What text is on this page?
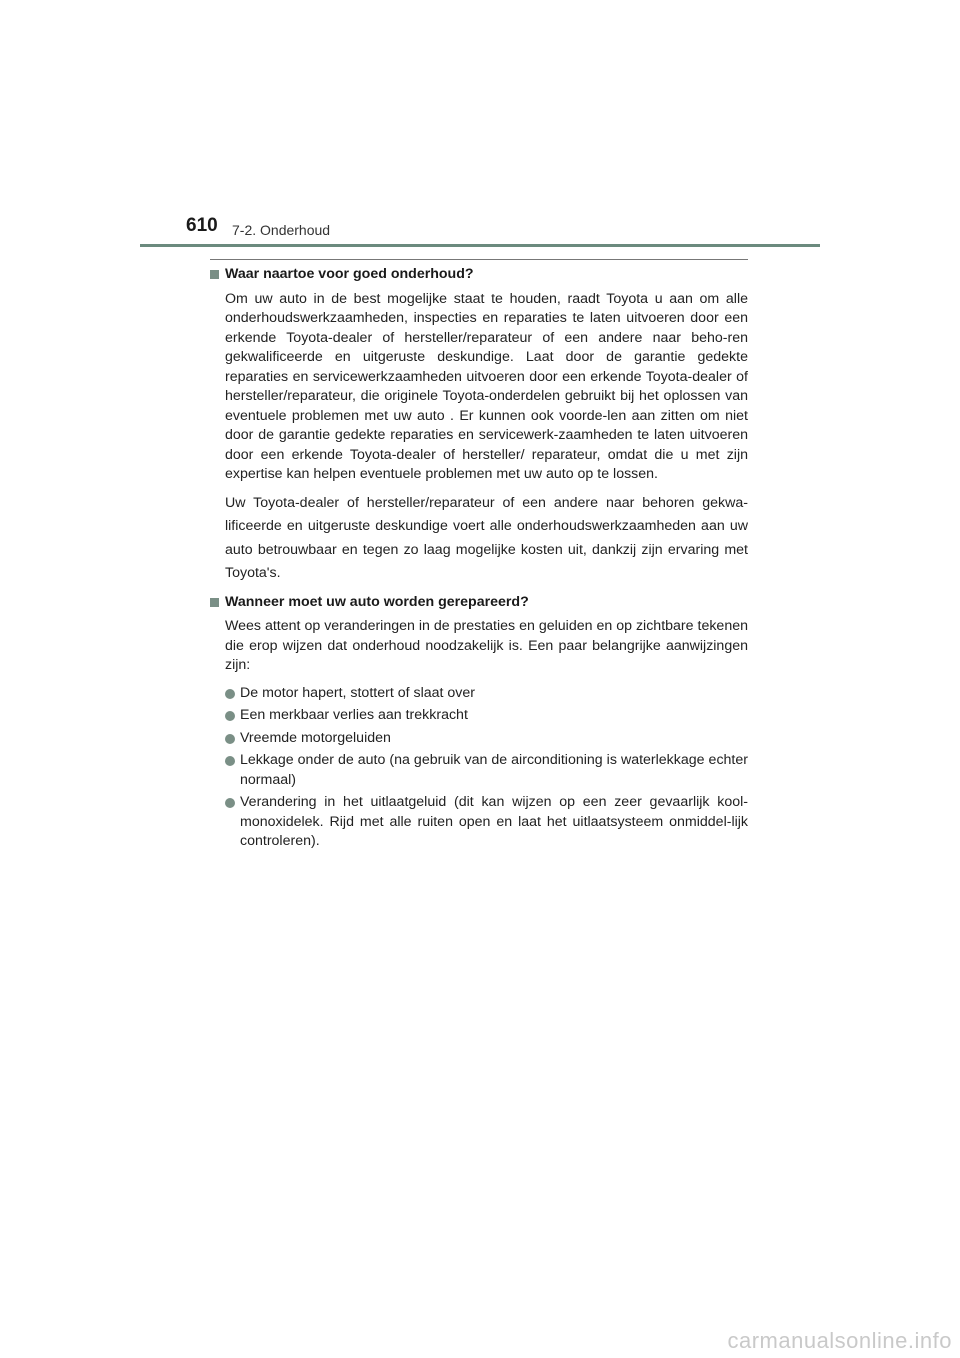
610 7-2. Onderhoud
Waar naartoe voor goed onderhoud?

Om uw auto in de best mogelijke staat te houden, raadt Toyota u aan om alle onderhoudswerkzaamheden, inspecties en reparaties te laten uitvoeren door een erkende Toyota-dealer of hersteller/reparateur of een andere naar beho-ren gekwalificeerde en uitgeruste deskundige. Laat door de garantie gedekte reparaties en servicewerkzaamheden uitvoeren door een erkende Toyota-dealer of hersteller/reparateur, die originele Toyota-onderdelen gebruikt bij het oplossen van eventuele problemen met uw auto . Er kunnen ook voorde-len aan zitten om niet door de garantie gedekte reparaties en servicewerk-zaamheden te laten uitvoeren door een erkende Toyota-dealer of hersteller/ reparateur, omdat die u met zijn expertise kan helpen eventuele problemen met uw auto op te lossen.

Uw Toyota-dealer of hersteller/reparateur of een andere naar behoren gekwa-lificeerde en uitgeruste deskundige voert alle onderhoudswerkzaamheden aan uw auto betrouwbaar en tegen zo laag mogelijke kosten uit, dankzij zijn ervaring met Toyota's.

Wanneer moet uw auto worden gerepareerd?

Wees attent op veranderingen in de prestaties en geluiden en op zichtbare tekenen die erop wijzen dat onderhoud noodzakelijk is. Een paar belangrijke aanwijzingen zijn:

De motor hapert, stottert of slaat over
Een merkbaar verlies aan trekkracht
Vreemde motorgeluiden
Lekkage onder de auto (na gebruik van de airconditioning is waterlekkage echter normaal)
Verandering in het uitlaatgeluid (dit kan wijzen op een zeer gevaarlijk kool-monoxidelek. Rijd met alle ruiten open en laat het uitlaatsysteem onmiddel-lijk controleren).
carmanualsonline.info
